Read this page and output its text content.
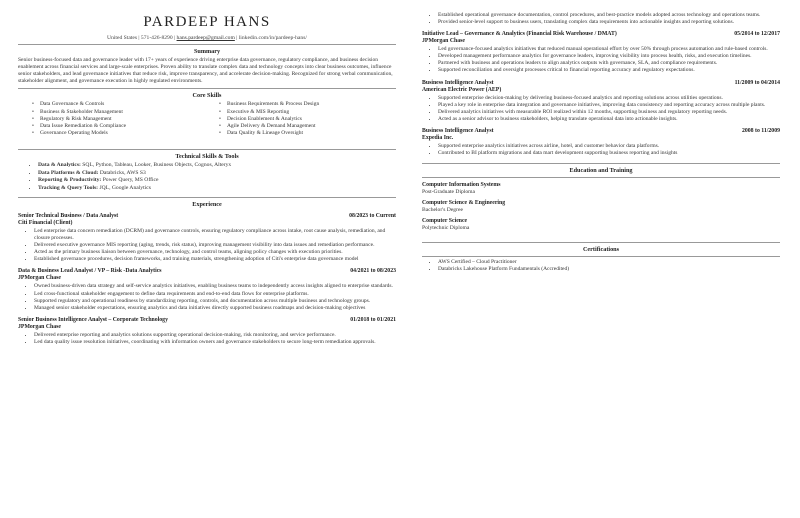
PARDEEP HANS
United States | 571-426-8290 | hans.pardeep@gmail.com | linkedin.com/in/pardeep-hans/
Summary
Senior business-focused data and governance leader with 17+ years of experience driving enterprise data governance, regulatory compliance, and business decision enablement across financial services and large-scale enterprises. Proven ability to translate complex data and technology concepts into clear business outcomes, influence senior stakeholders, and lead governance initiatives that reduce risk, improve transparency, and accelerate decision-making. Recognized for strong verbal communication, stakeholder alignment, and governance execution in highly regulated environments.
Core Skills
• Data Governance & Controls	• Business Requirements & Process Design
• Business & Stakeholder Management	• Executive & MIS Reporting
• Regulatory & Risk Management	• Decision Enablement & Analytics
• Data Issue Remediation & Compliance	• Agile Delivery & Demand Management
• Governance Operating Models	• Data Quality & Lineage Oversight
Technical Skills & Tools
• Data & Analytics: SQL, Python, Tableau, Looker, Business Objects, Cognos, Alteryx
• Data Platforms & Cloud: Databricks, AWS S3
• Reporting & Productivity: Power Query, MS Office
• Tracking & Query Tools: JQL, Google Analytics
Experience
Senior Technical Business / Data Analyst	08/2023 to Current
Citi Financial (Client)
• Led enterprise data concern remediation (DCRM) and governance controls, ensuring regulatory compliance across intake, root cause analysis, remediation, and closure processes.
• Delivered executive governance MIS reporting (aging, trends, risk status), improving management visibility into data issues and remediation performance.
• Acted as the primary business liaison between governance, technology, and control teams, aligning policy changes with execution priorities.
• Established governance procedures, decision frameworks, and training materials, strengthening adoption of Citi's enterprise data governance model
Data & Business Lead Analyst / VP – Risk -Data Analytics	04/2021 to 08/2023
JPMorgan Chase
• Owned business-driven data strategy and self-service analytics initiatives, enabling business teams to independently access insights aligned to enterprise standards.
• Led cross-functional stakeholder engagement to define data requirements and end-to-end data flows for enterprise platforms.
• Supported regulatory and operational readiness by standardizing reporting, controls, and documentation across multiple business and technology groups.
• Managed senior stakeholder expectations, ensuring analytics and data initiatives directly supported business roadmaps and decision-making objectives
Senior Business Intelligence Analyst – Corporate Technology	01/2018 to 01/2021
JPMorgan Chase
• Delivered enterprise reporting and analytics solutions supporting operational decision-making, risk monitoring, and service performance.
• Led data quality issue resolution initiatives, coordinating with information owners and governance stakeholders to secure long-term remediation approvals.
• Established operational governance documentation, control procedures, and best-practice models adopted across technology and operations teams.
• Provided senior-level support to business users, translating complex data requirements into actionable insights and reporting solutions.
Initiative Lead – Governance & Analytics (Financial Risk Warehouse / DMAT)	05/2014 to 12/2017
JPMorgan Chase
• Led governance-focused analytics initiatives that reduced manual operational effort by over 50% through process automation and rule-based controls.
• Developed management performance analytics for governance leaders, improving visibility into process health, risks, and execution timelines.
• Partnered with business and operations leaders to align analytics outputs with governance, SLA, and compliance requirements.
• Supported reconciliation and oversight processes critical to financial reporting accuracy and regulatory expectations.
Business Intelligence Analyst	11/2009 to 04/2014
American Electric Power (AEP)
• Supported enterprise decision-making by delivering business-focused analytics and reporting solutions across utilities operations.
• Played a key role in enterprise data integration and governance initiatives, improving data consistency and reporting accuracy across multiple plants.
• Delivered analytics initiatives with measurable ROI realized within 12 months, supporting business and regulatory reporting needs.
• Acted as a senior advisor to business stakeholders, helping translate operational data into actionable insights.
Business Intelligence Analyst	2008 to 11/2009
Expedia Inc.
• Supported enterprise analytics initiatives across airline, hotel, and customer behavior data platforms.
• Contributed to BI platform migrations and data mart development supporting business reporting and insights
Education and Training
Computer Information Systems
Post-Graduate Diploma
Computer Science & Engineering
Bachelor's Degree
Computer Science
Polytechnic Diploma
Certifications
• AWS Certified – Cloud Practitioner
• Databricks Lakehouse Platform Fundamentals (Accredited)
